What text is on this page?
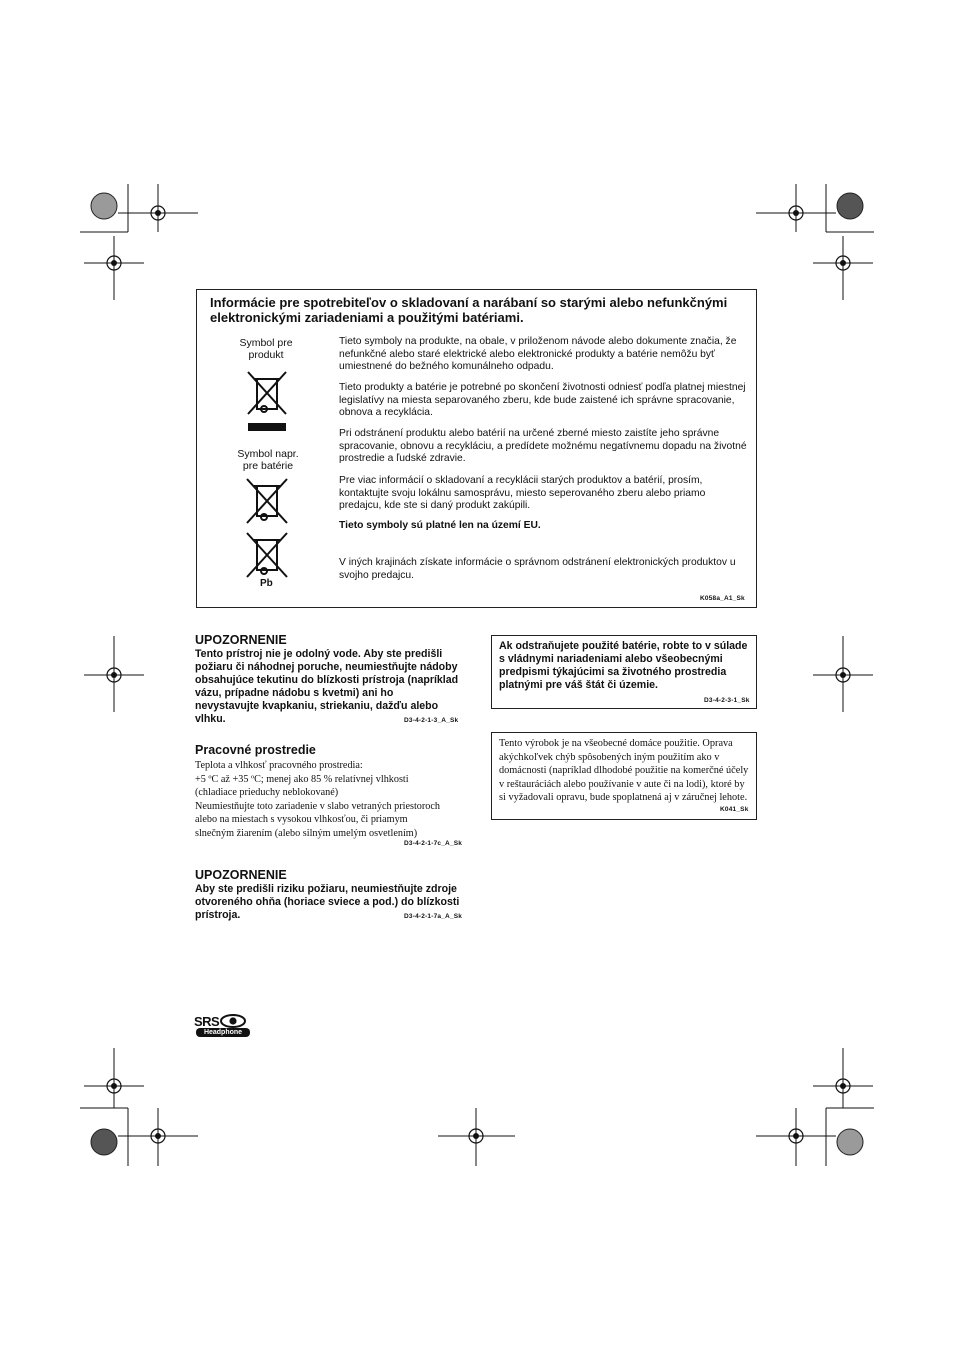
Informácie pre spotrebiteľov o skladovaní a narábaní so starými alebo nefunkčnými elektronickými zariadeniami a použitými batériami.
Symbol pre
produkt
Symbol napr.
pre batérie
Pb
Tieto symboly na produkte, na obale, v priloženom návode alebo dokumente značia, že nefunkčné alebo staré elektrické alebo elektronické produkty a batérie nemôžu byť umiestnené do bežného komunálneho odpadu.
Tieto produkty a batérie je potrebné po skončení životnosti odniesť podľa platnej miestnej legislatívy na miesta separovaného zberu, kde bude zaistené ich správne spracovanie, obnova a recyklácia.
Pri odstránení produktu alebo batérií na určené zberné miesto zaistíte jeho správne spracovanie, obnovu a recykláciu, a predídete možnému negatívnemu dopadu na životné prostredie a ľudské zdravie.
Pre viac informácií o skladovaní a recyklácii starých produktov a batérií, prosím, kontaktujte svoju lokálnu samosprávu, miesto seperovaného zberu alebo priamo predajcu, kde ste si daný produkt zakúpili.
Tieto symboly sú platné len na území EU.
V iných krajinách získate informácie o správnom odstránení elektronických produktov u svojho predajcu.
K058a_A1_Sk
UPOZORNENIE
Tento prístroj nie je odolný vode. Aby ste predišli požiaru či náhodnej poruche, neumiestňujte nádoby obsahujúce tekutinu do blízkosti prístroja (napríklad vázu, prípadne nádobu s kvetmi) ani ho nevystavujte kvapkaniu, striekaniu, dažďu alebo vlhku.	D3-4-2-1-3_A_Sk
Pracovné prostredie
Teplota a vlhkosť pracovného prostredia:
+5 ºC až +35 ºC; menej ako 85 % relatívnej vlhkosti
(chladiace prieduchy neblokované)
Neumiestňujte toto zariadenie v slabo vetraných priestoroch
alebo na miestach s vysokou vlhkosťou, či priamym
slnečným žiarením (alebo silným umelým osvetlením)
D3-4-2-1-7c_A_Sk
UPOZORNENIE
Aby ste predišli riziku požiaru, neumiestňujte zdroje otvoreného ohňa (horiace sviece a pod.) do blízkosti prístroja.	D3-4-2-1-7a_A_Sk
Ak odstraňujete použité batérie, robte to v súlade s vládnymi nariadeniami alebo všeobecnými predpismi týkajúcimi sa životného prostredia platnými pre váš štát či územie.
D3-4-2-3-1_Sk
Tento výrobok je na všeobecné domáce použitie. Oprava akýchkoľvek chýb spôsobených iným použitím ako v domácnosti (napríklad dlhodobé použitie na komerčné účely v reštauráciách alebo používanie v aute či na lodi), ktoré by si vyžadovali opravu, bude spoplatnená aj v záručnej lehote.
K041_Sk
SRS
Headphone
